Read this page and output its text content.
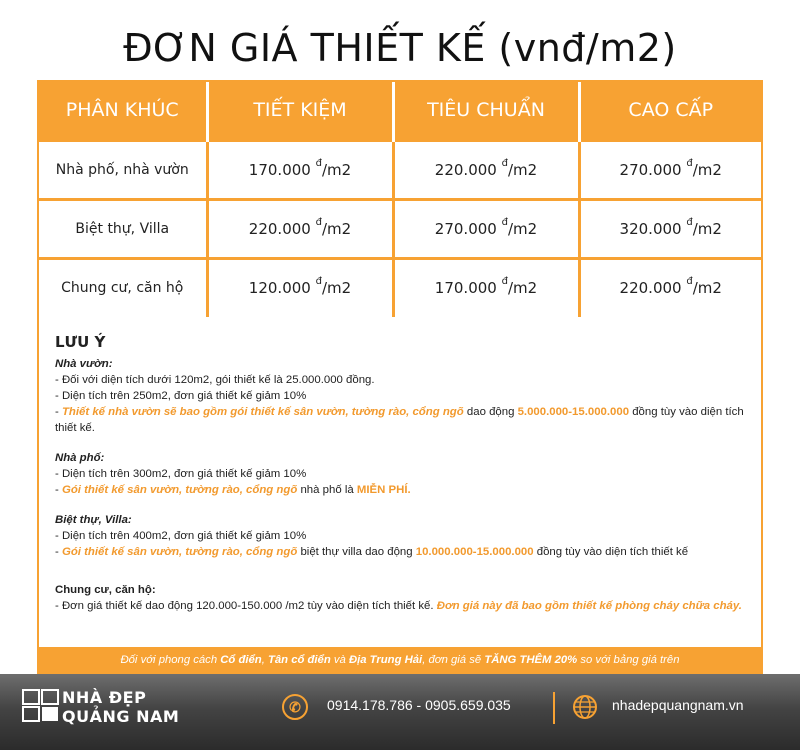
ĐƠN GIÁ THIẾT KẾ (vnđ/m2)
PHÂN KHÚC	TIẾT KIỆM	TIÊU CHUẨN	CAO CẤP
Nhà phố, nhà vườn	170.000 $^đ$/m2	220.000 $^đ$/m2	270.000 $^đ$/m2
Biệt thự, Villa	220.000 $^đ$/m2	270.000 $^đ$/m2	320.000 $^đ$/m2
Chung cư, căn hộ	120.000 $^đ$/m2	170.000 $^đ$/m2	220.000 $^đ$/m2
LƯU Ý
Nhà vườn:
- Đối với diện tích dưới 120m2, gói thiết kế là 25.000.000 đồng.
- Diện tích trên 250m2, đơn giá thiết kế giảm 10%
- Thiết kế nhà vườn sẽ bao gồm gói thiết kế sân vườn, tường rào, cổng ngõ dao động 5.000.000-15.000.000 đồng tùy vào diện tích thiết kế.
Nhà phố:
- Diện tích trên 300m2, đơn giá thiết kế giảm 10%
- Gói thiết kế sân vườn, tường rào, cổng ngõ nhà phố là MIỄN PHÍ.
Biệt thự, Villa:
- Diện tích trên 400m2, đơn giá thiết kế giảm 10%
- Gói thiết kế sân vườn, tường rào, cổng ngõ biệt thự villa dao động 10.000.000-15.000.000 đồng tùy vào diện tích thiết kế
Chung cư, căn hộ:
- Đơn giá thiết kế dao động 120.000-150.000 /m2 tùy vào diện tích thiết kế. Đơn giá này đã bao gồm thiết kế phòng cháy chữa cháy.
Đối với phong cách Cổ điển, Tân cổ điển và Địa Trung Hải, đơn giá sẽ TĂNG THÊM 20% so với bảng giá trên
NHÀ ĐẸP
QUẢNG NAM	✆	0914.178.786 - 0905.659.035	nhadepquangnam.vn
